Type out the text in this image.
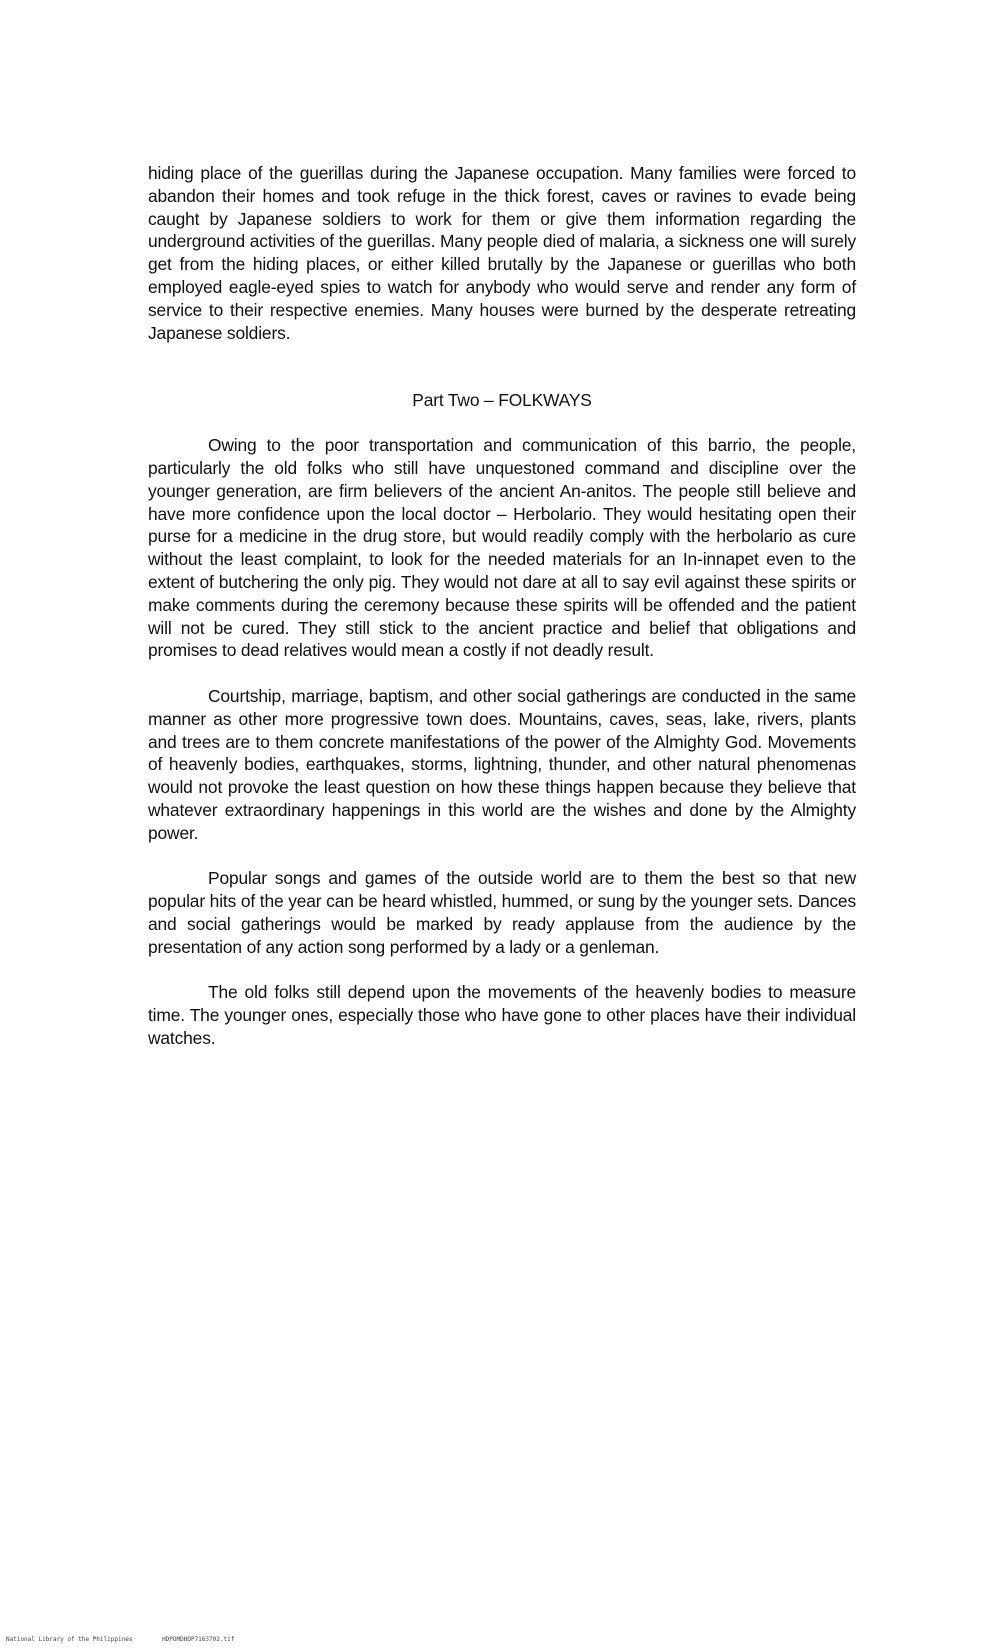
hiding place of the guerillas during the Japanese occupation. Many families were forced to abandon their homes and took refuge in the thick forest, caves or ravines to evade being caught by Japanese soldiers to work for them or give them information regarding the underground activities of the guerillas. Many people died of malaria, a sickness one will surely get from the hiding places, or either killed brutally by the Japanese or guerillas who both employed eagle-eyed spies to watch for anybody who would serve and render any form of service to their respective enemies. Many houses were burned by the desperate retreating Japanese soldiers.

Part Two – FOLKWAYS

Owing to the poor transportation and communication of this barrio, the people, particularly the old folks who still have unquestoned command and discipline over the younger generation, are firm believers of the ancient An-anitos. The people still believe and have more confidence upon the local doctor – Herbolario. They would hesitating open their purse for a medicine in the drug store, but would readily comply with the herbolario as cure without the least complaint, to look for the needed materials for an In-innapet even to the extent of butchering the only pig. They would not dare at all to say evil against these spirits or make comments during the ceremony because these spirits will be offended and the patient will not be cured. They still stick to the ancient practice and belief that obligations and promises to dead relatives would mean a costly if not deadly result.

Courtship, marriage, baptism, and other social gatherings are conducted in the same manner as other more progressive town does. Mountains, caves, seas, lake, rivers, plants and trees are to them concrete manifestations of the power of the Almighty God. Movements of heavenly bodies, earthquakes, storms, lightning, thunder, and other natural phenomenas would not provoke the least question on how these things happen because they believe that whatever extraordinary happenings in this world are the wishes and done by the Almighty power.

Popular songs and games of the outside world are to them the best so that new popular hits of the year can be heard whistled, hummed, or sung by the younger sets. Dances and social gatherings would be marked by ready applause from the audience by the presentation of any action song performed by a lady or a genleman.

The old folks still depend upon the movements of the heavenly bodies to measure time. The younger ones, especially those who have gone to other places have their individual watches.

National Library of the Philippines	HDPOMDHDP7163702.tif
